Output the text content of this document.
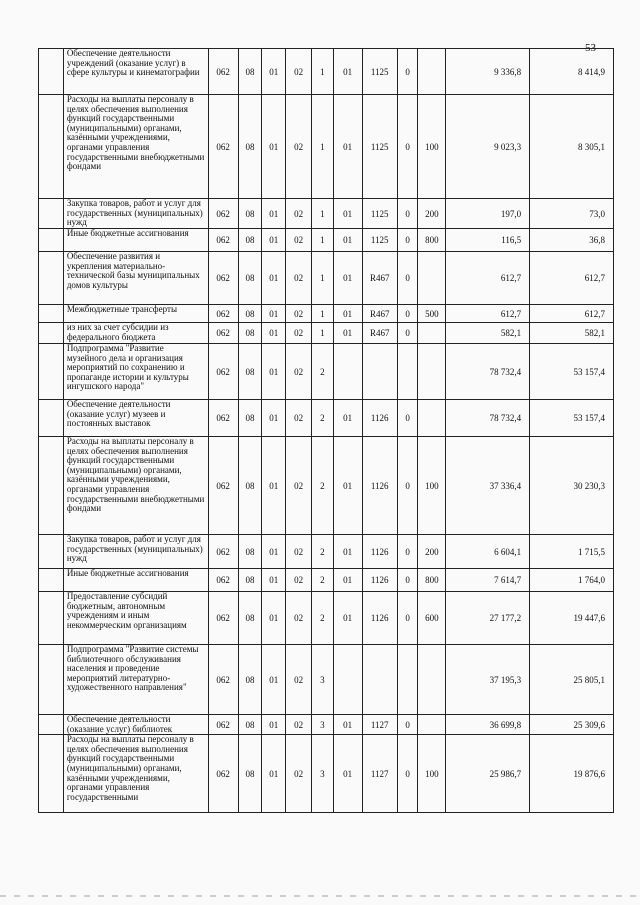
53
	Обеспечение деятельности учреждений (оказание услуг) в сфере культуры и кинематографии	062	08	01	02	1	01	1125	0		9 336,8	8 414,9
	Расходы на выплаты персоналу в целях обеспечения выполнения функций государственными (муниципальными) органами, казёнными учреждениями, органами управления государственными внебюджетными фондами	062	08	01	02	1	01	1125	0	100	9 023,3	8 305,1
	Закупка товаров, работ и услуг для государственных (муниципальных) нужд	062	08	01	02	1	01	1125	0	200	197,0	73,0
	Иные бюджетные ассигнования	062	08	01	02	1	01	1125	0	800	116,5	36,8
	Обеспечение развития и укрепления материально-технической базы муниципальных домов культуры	062	08	01	02	1	01	R467	0		612,7	612,7
	Межбюджетные трансферты	062	08	01	02	1	01	R467	0	500	612,7	612,7
	из них за счет субсидии из федерального бюджета	062	08	01	02	1	01	R467	0		582,1	582,1
	Подпрограмма "Развитие музейного дела и организация мероприятий по сохранению и пропаганде истории и культуры ингушского народа"	062	08	01	02	2					78 732,4	53 157,4
	Обеспечение деятельности (оказание услуг) музеев и постоянных выставок	062	08	01	02	2	01	1126	0		78 732,4	53 157,4
	Расходы на выплаты персоналу в целях обеспечения выполнения функций государственными (муниципальными) органами, казёнными учреждениями, органами управления государственными внебюджетными фондами	062	08	01	02	2	01	1126	0	100	37 336,4	30 230,3
	Закупка товаров, работ и услуг для государственных (муниципальных) нужд	062	08	01	02	2	01	1126	0	200	6 604,1	1 715,5
	Иные бюджетные ассигнования	062	08	01	02	2	01	1126	0	800	7 614,7	1 764,0
	Предоставление субсидий бюджетным, автономным учреждениям и иным некоммерческим организациям	062	08	01	02	2	01	1126	0	600	27 177,2	19 447,6
	Подпрограмма "Развитие системы библиотечного обслуживания населения и проведение мероприятий литературно-художественного направления"	062	08	01	02	3					37 195,3	25 805,1
	Обеспечение деятельности (оказание услуг) библиотек	062	08	01	02	3	01	1127	0		36 699,8	25 309,6
	Расходы на выплаты персоналу в целях обеспечения выполнения функций государственными (муниципальными) органами, казёнными учреждениями, органами управления государственными	062	08	01	02	3	01	1127	0	100	25 986,7	19 876,6
